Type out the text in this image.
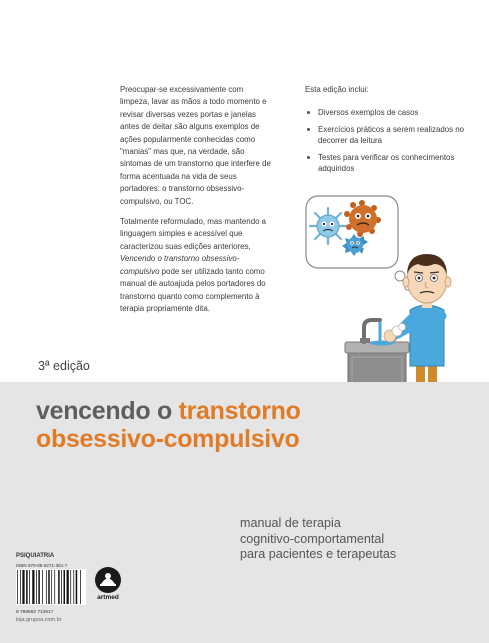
Preocupar-se excessivamente com limpeza, lavar as mãos a todo momento e revisar diversas vezes portas e janelas antes de deitar são alguns exemplos de ações popularmente conhecidas como "manias" mas que, na verdade, são sintomas de um transtorno que interfere de forma acentuada na vida de seus portadores: o transtorno obsessivo-compulsivo, ou TOC.

Totalmente reformulado, mas mantendo a linguagem simples e acessível que caracterizou suas edições anteriores, Vencendo o transtorno obsessivo-compulsivo pode ser utilizado tanto como manual de autoajuda pelos portadores do transtorno quanto como complemento à terapia propriamente dita.

Esta edição inclui:

Diversos exemplos de casos
Exercícios práticos a serem realizados no decorrer da leitura
Testes para verificar os conhecimentos adquiridos
3ª edição
vencendo o transtorno
obsessivo-compulsivo
manual de terapia
cognitivo-comportamental
para pacientes e terapeutas
PSIQUIATRIA
ISBN 978-85-8271-361-7
9 788582 713617
artmed
loja.grupoa.com.br
